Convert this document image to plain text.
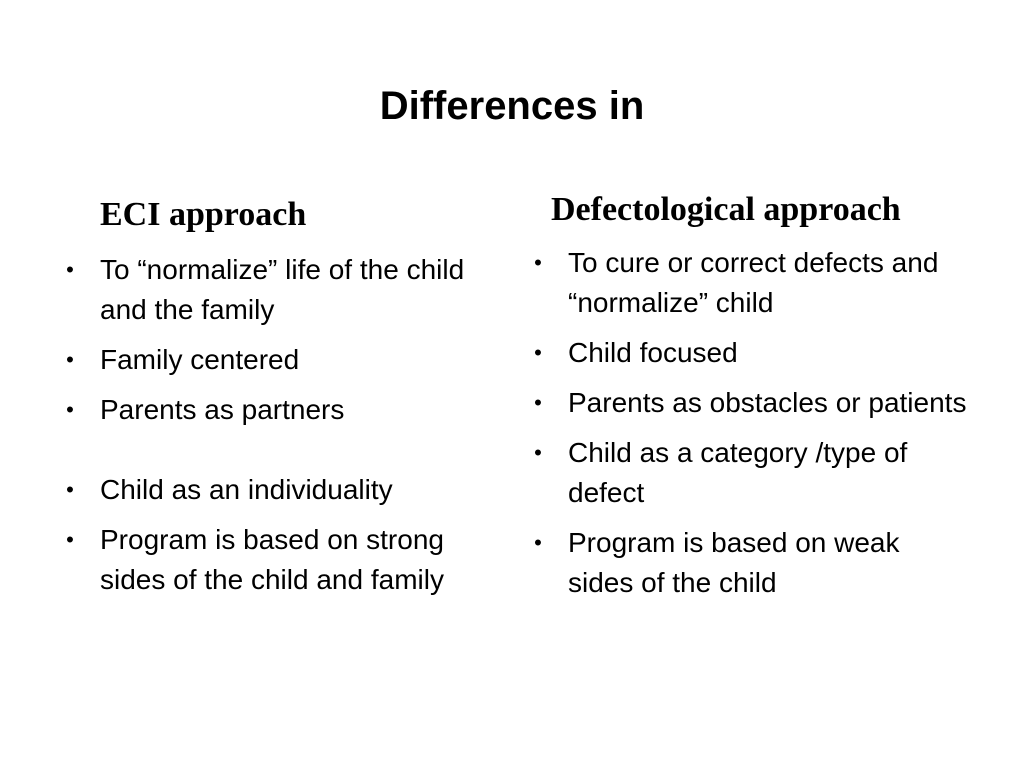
Differences in
ECI approach	Defectological approach
• To “normalize” life of the child and the family
• Family centered
• Parents as partners
• Child as an individuality
• Program is based on strong sides of the child and family
• To cure or correct defects and “normalize” child
• Child focused
• Parents as obstacles or patients
• Child as a category /type of defect
• Program is based on weak sides of the child
